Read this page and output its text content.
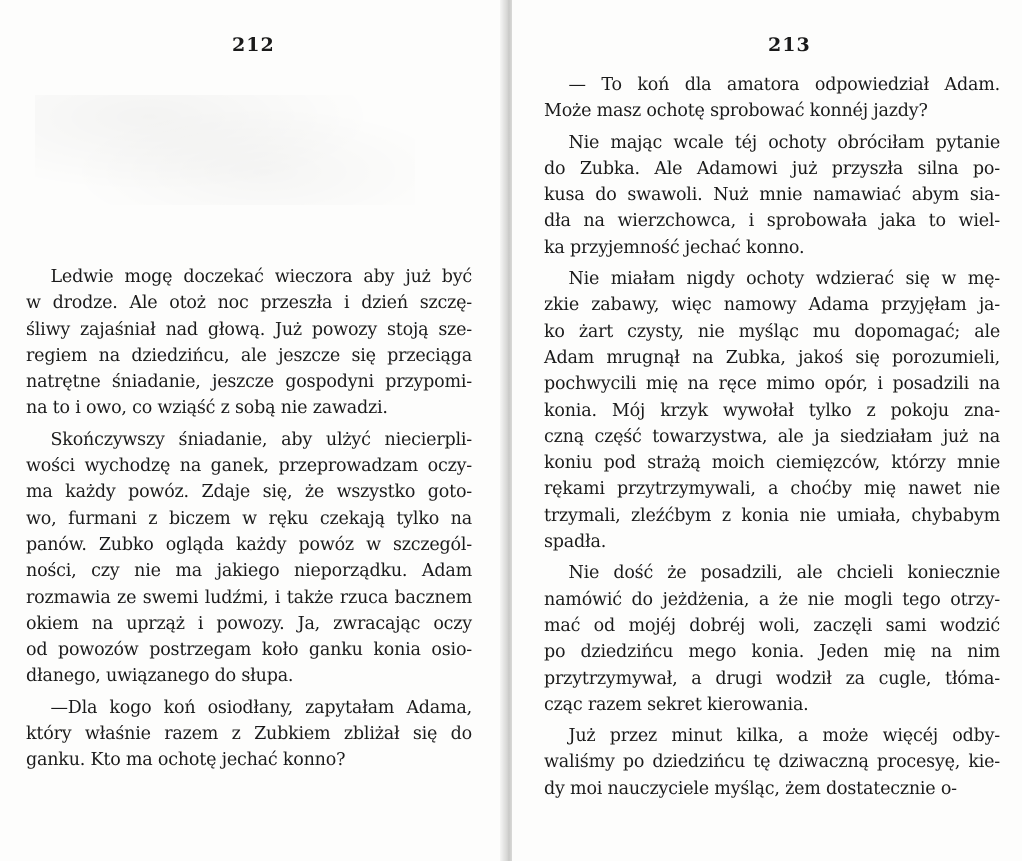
212
Ledwie mogę doczekać wieczora aby już być
w drodze. Ale otoż noc przeszła i dzień szczę-
śliwy zajaśniał nad głową. Już powozy stoją sze-
regiem na dziedzińcu, ale jeszcze się przeciąga
natrętne śniadanie, jeszcze gospodyni przypomi-
na to i owo, co wziąść z sobą nie zawadzi.
Skończywszy śniadanie, aby ulżyć niecierpli-
wości wychodzę na ganek, przeprowadzam oczy-
ma każdy powóz. Zdaje się, że wszystko goto-
wo, furmani z biczem w ręku czekają tylko na
panów. Zubko ogląda każdy powóz w szczegól-
ności, czy nie ma jakiego nieporządku. Adam
rozmawia ze swemi ludźmi, i także rzuca bacznem
okiem na uprząż i powozy. Ja, zwracając oczy
od powozów postrzegam koło ganku konia osio-
dłanego, uwiązanego do słupa.
—Dla kogo koń osiodłany, zapytałam Adama,
który właśnie razem z Zubkiem zbliżał się do
ganku. Kto ma ochotę jechać konno?
213
— To koń dla amatora odpowiedział Adam.
Może masz ochotę sprobować konnéj jazdy?
Nie mając wcale téj ochoty obróciłam pytanie
do Zubka. Ale Adamowi już przyszła silna po-
kusa do swawoli. Nuż mnie namawiać abym sia-
dła na wierzchowca, i sprobowała jaka to wiel-
ka przyjemność jechać konno.
Nie miałam nigdy ochoty wdzierać się w mę-
zkie zabawy, więc namowy Adama przyjęłam ja-
ko żart czysty, nie myśląc mu dopomagać; ale
Adam mrugnął na Zubka, jakoś się porozumieli,
pochwycili mię na ręce mimo opór, i posadzili na
konia. Mój krzyk wywołał tylko z pokoju zna-
czną część towarzystwa, ale ja siedziałam już na
koniu pod strażą moich ciemięzców, którzy mnie
rękami przytrzymywali, a choćby mię nawet nie
trzymali, zleźćbym z konia nie umiała, chybabym
spadła.
Nie dość że posadzili, ale chcieli koniecznie
namówić do jeżdżenia, a że nie mogli tego otrzy-
mać od mojéj dobréj woli, zaczęli sami wodzić
po dziedzińcu mego konia. Jeden mię na nim
przytrzymywał, a drugi wodził za cugle, tłóma-
cząc razem sekret kierowania.
Już przez minut kilka, a może więcéj odby-
waliśmy po dziedzińcu tę dziwaczną procesyę, kie-
dy moi nauczyciele myśląc, żem dostatecznie o-
